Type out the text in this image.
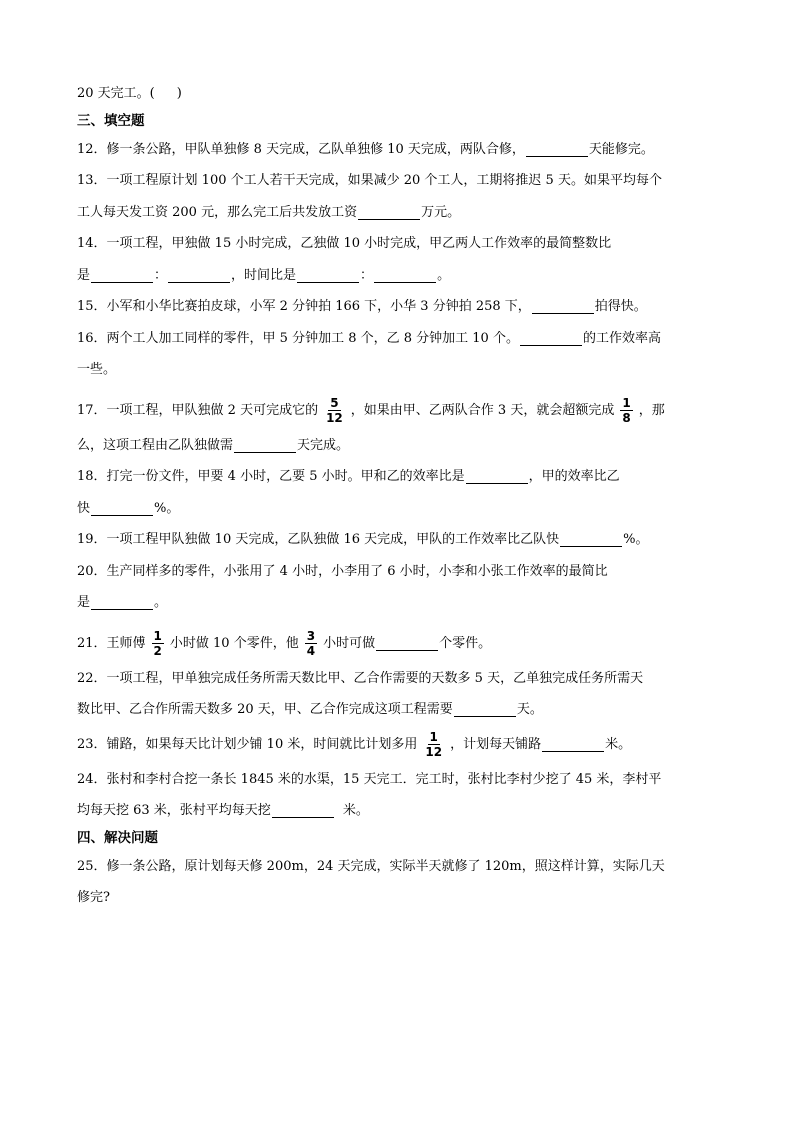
20 天完工。( )
三、填空题
12．修一条公路，甲队单独修 8 天完成，乙队单独修 10 天完成，两队合修，	天能修完。
13．一项工程原计划 100 个工人若干天完成，如果减少 20 个工人，工期将推迟 5 天。如果平均每个
工人每天发工资 200 元，那么完工后共发放工资	万元。
14．一项工程，甲独做 15 小时完成，乙独做 10 小时完成，甲乙两人工作效率的最简整数比
是	：	，时间比是	：	。
15．小军和小华比赛拍皮球，小军 2 分钟拍 166 下，小华 3 分钟拍 258 下，	拍得快。
16．两个工人加工同样的零件，甲 5 分钟加工 8 个，乙 8 分钟加工 10 个。	的工作效率高
一些。
17．一项工程，甲队独做 2 天可完成它的 $\frac{5}{12}$ ，如果由甲、乙两队合作 3 天，就会超额完成 $\frac{1}{8}$ ，那
么，这项工程由乙队独做需	天完成。
18．打完一份文件，甲要 4 小时，乙要 5 小时。甲和乙的效率比是	，甲的效率比乙
快	%。
19．一项工程甲队独做 10 天完成，乙队独做 16 天完成，甲队的工作效率比乙队快	%。
20．生产同样多的零件，小张用了 4 小时，小李用了 6 小时，小李和小张工作效率的最简比
是	。
21．王师傅 $\frac{1}{2}$ 小时做 10 个零件，他 $\frac{3}{4}$ 小时可做	个零件。
22．一项工程，甲单独完成任务所需天数比甲、乙合作需要的天数多 5 天，乙单独完成任务所需天
数比甲、乙合作所需天数多 20 天，甲、乙合作完成这项工程需要	天。
23．铺路，如果每天比计划少铺 10 米，时间就比计划多用 $\frac{1}{12}$ ，计划每天铺路	米。
24．张村和李村合挖一条长 1845 米的水渠，15 天完工．完工时，张村比李村少挖了 45 米，李村平
均每天挖 63 米，张村平均每天挖	米。
四、解决问题
25．修一条公路，原计划每天修 200m，24 天完成，实际半天就修了 120m，照这样计算，实际几天
修完?
